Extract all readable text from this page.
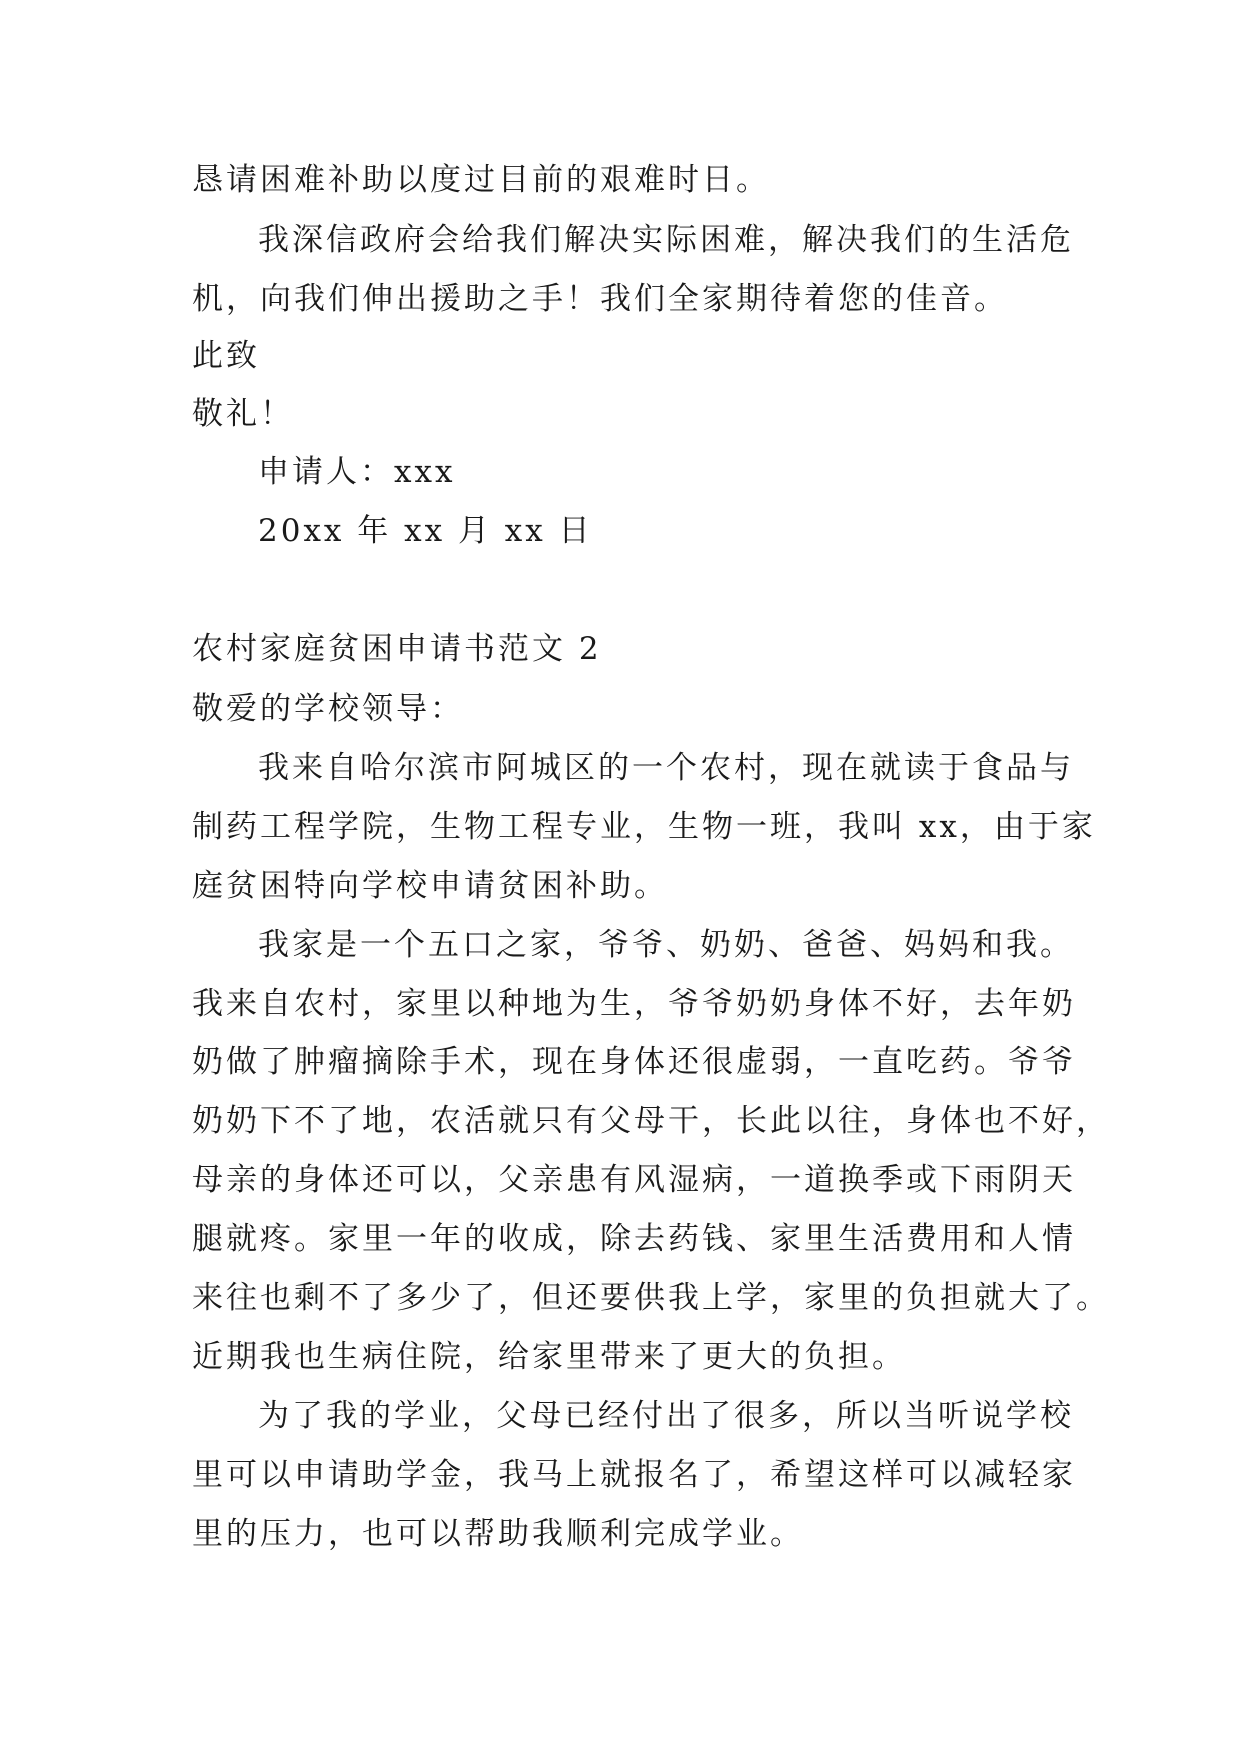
恳请困难补助以度过目前的艰难时日。
我深信政府会给我们解决实际困难，解决我们的生活危
机，向我们伸出援助之手！我们全家期待着您的佳音。
此致
敬礼！
申请人：xxx
20xx 年 xx 月 xx 日
农村家庭贫困申请书范文 2
敬爱的学校领导：
我来自哈尔滨市阿城区的一个农村，现在就读于食品与
制药工程学院，生物工程专业，生物一班，我叫 xx，由于家
庭贫困特向学校申请贫困补助。
我家是一个五口之家，爷爷、奶奶、爸爸、妈妈和我。
我来自农村，家里以种地为生，爷爷奶奶身体不好，去年奶
奶做了肿瘤摘除手术，现在身体还很虚弱，一直吃药。爷爷
奶奶下不了地，农活就只有父母干，长此以往，身体也不好，
母亲的身体还可以，父亲患有风湿病，一道换季或下雨阴天
腿就疼。家里一年的收成，除去药钱、家里生活费用和人情
来往也剩不了多少了，但还要供我上学，家里的负担就大了。
近期我也生病住院，给家里带来了更大的负担。
为了我的学业，父母已经付出了很多，所以当听说学校
里可以申请助学金，我马上就报名了，希望这样可以减轻家
里的压力，也可以帮助我顺利完成学业。
